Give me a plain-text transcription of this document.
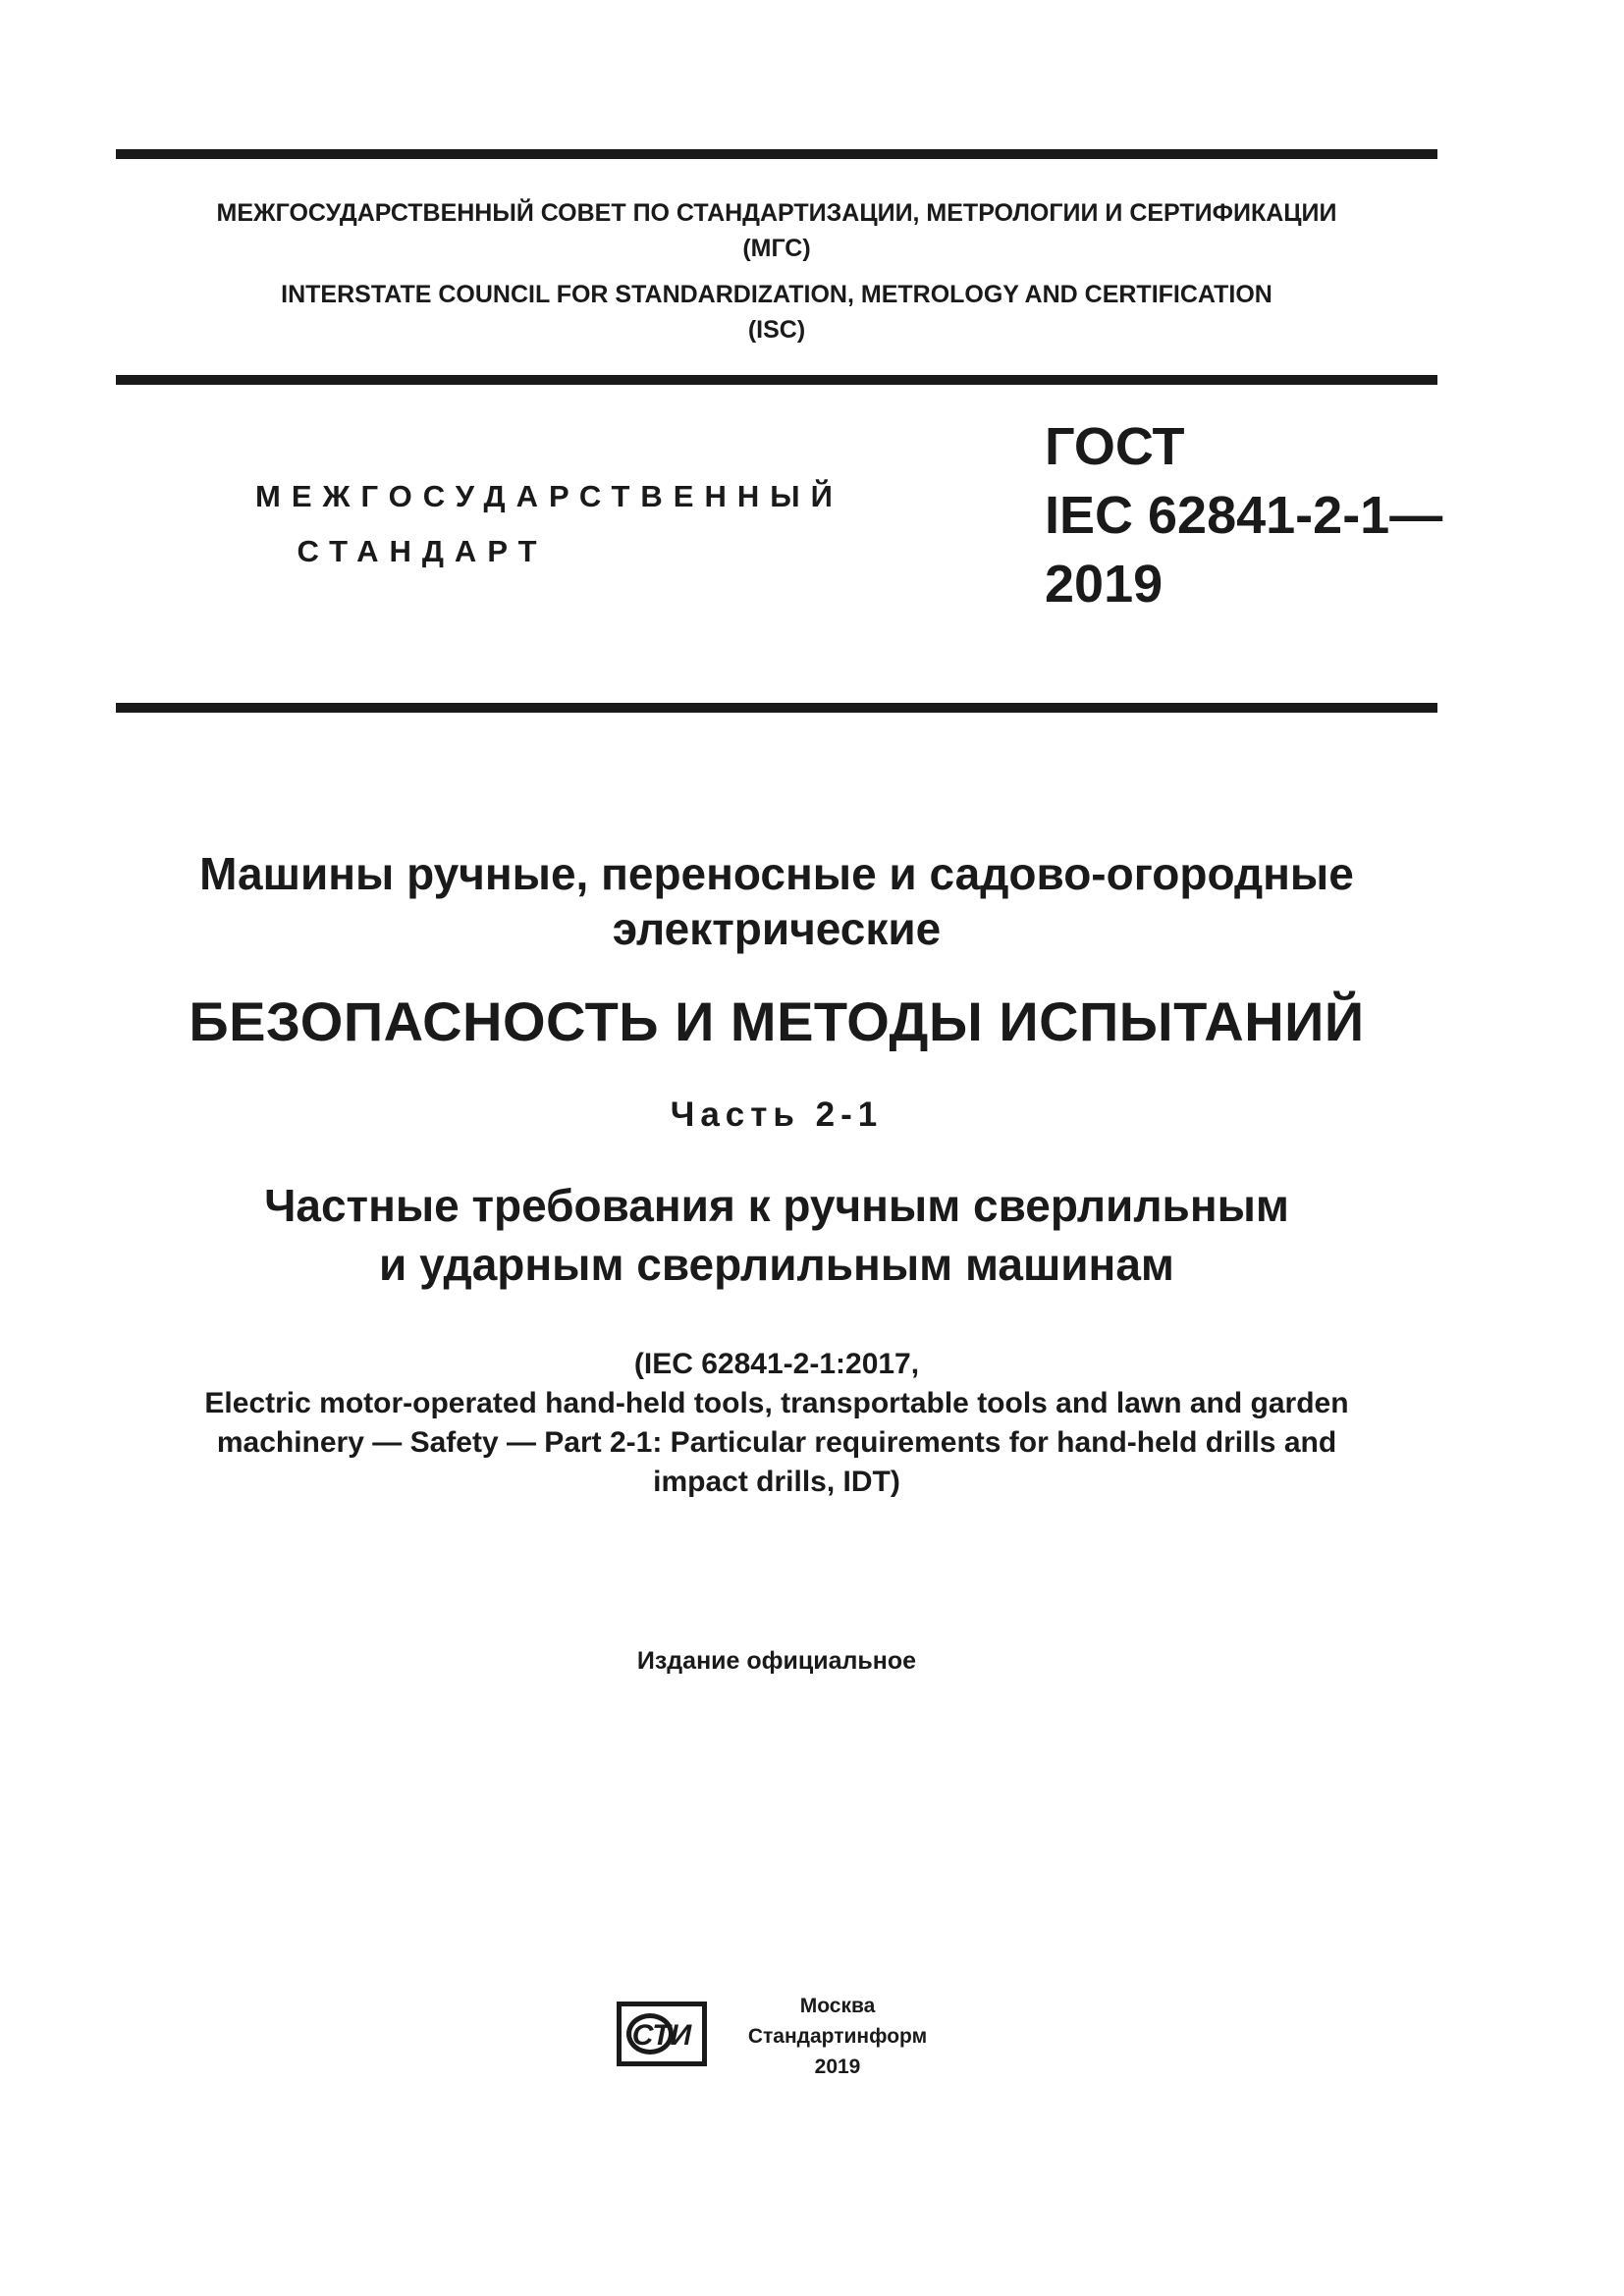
МЕЖГОСУДАРСТВЕННЫЙ СОВЕТ ПО СТАНДАРТИЗАЦИИ, МЕТРОЛОГИИ И СЕРТИФИКАЦИИ
(МГС)
INTERSTATE COUNCIL FOR STANDARDIZATION, METROLOGY AND CERTIFICATION
(ISC)
МЕЖГОСУДАРСТВЕННЫЙ
СТАНДАРТ
ГОСТ
IEC 62841-2-1—
2019
Машины ручные, переносные и садово-огородные
электрические
БЕЗОПАСНОСТЬ И МЕТОДЫ ИСПЫТАНИЙ
Часть 2-1
Частные требования к ручным сверлильным
и ударным сверлильным машинам
(IEC 62841-2-1:2017,
Electric motor-operated hand-held tools, transportable tools and lawn and garden
machinery — Safety — Part 2-1: Particular requirements for hand-held drills and
impact drills, IDT)
Издание официальное
СТИ
Москва
Стандартинформ
2019
